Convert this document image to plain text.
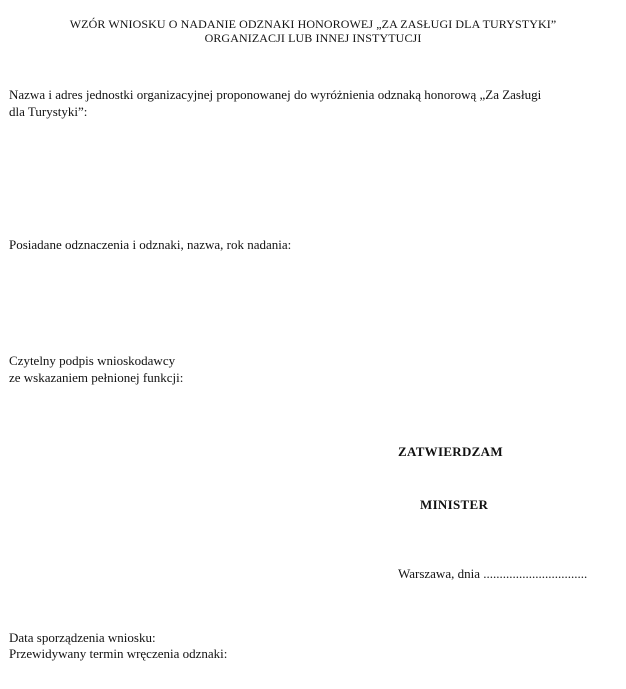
WZÓR WNIOSKU O NADANIE ODZNAKI HONOROWEJ „ZA ZASŁUGI DLA TURYSTYKI”
ORGANIZACJI LUB INNEJ INSTYTUCJI
Nazwa i adres jednostki organizacyjnej proponowanej do wyróżnienia odznaką honorową „Za Zasługi
dla Turystyki”:
Posiadane odznaczenia i odznaki, nazwa, rok nadania:
Czytelny podpis wnioskodawcy
ze wskazaniem pełnionej funkcji:
ZATWIERDZAM
MINISTER
Warszawa, dnia ................................
Data sporządzenia wniosku:
Przewidywany termin wręczenia odznaki:
